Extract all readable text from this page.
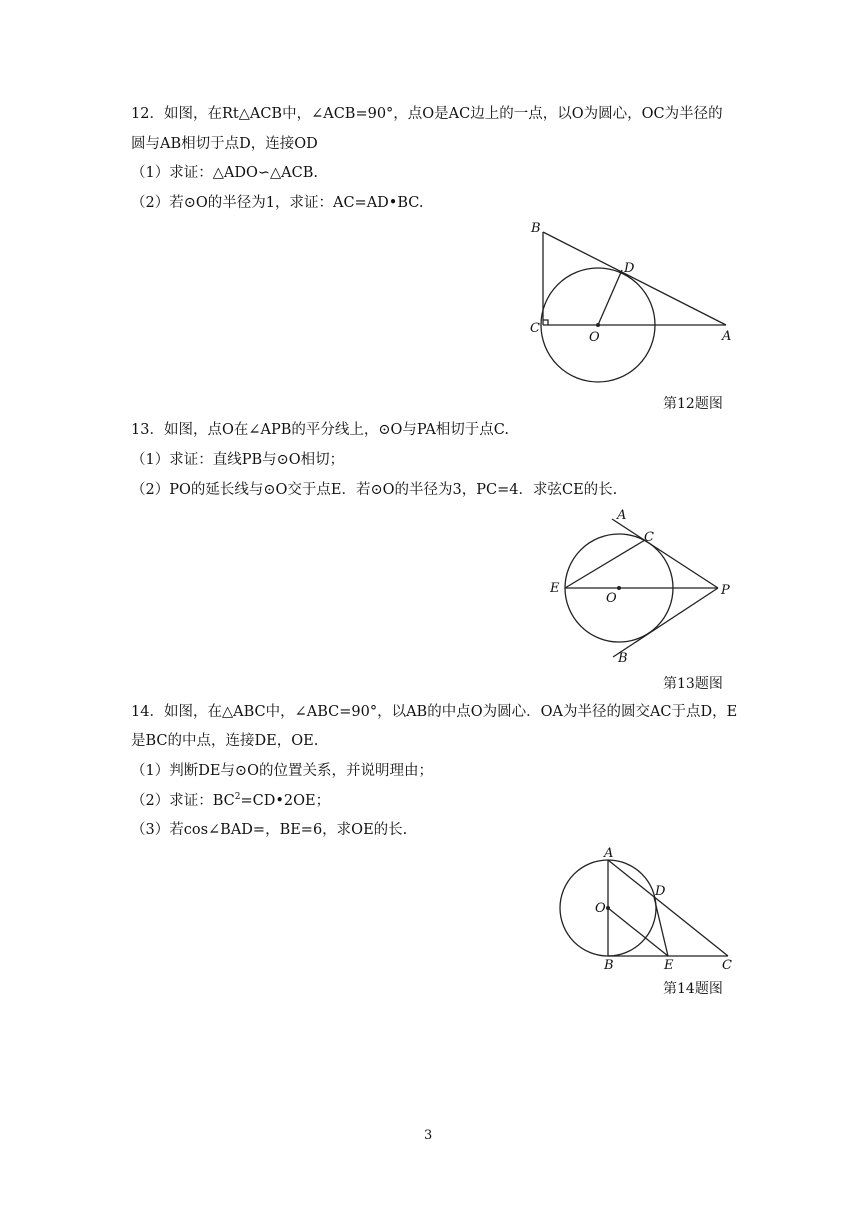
12．如图，在Rt△ACB中，∠ACB=90°，点O是AC边上的一点，以O为圆心，OC为半径的
圆与AB相切于点D，连接OD
（1）求证：△ADO∽△ACB.
（2）若⊙O的半径为1，求证：AC=AD•BC.
B
D
C
O	A
第12题图
13．如图，点O在∠APB的平分线上，⊙O与PA相切于点C.
（1）求证：直线PB与⊙O相切；
（2）PO的延长线与⊙O交于点E．若⊙O的半径为3，PC=4．求弦CE的长.
A
C
E
O
P
B
第13题图
14．如图，在△ABC中，∠ABC=90°，以AB的中点O为圆心．OA为半径的圆交AC于点D，E
是BC的中点，连接DE，OE.
（1）判断DE与⊙O的位置关系，并说明理由；
（2）求证：$BC^2=CD•2OE$；
（3）若cos∠BAD=，BE=6，求OE的长.
A
D
O
B	E	C
第14题图
3
